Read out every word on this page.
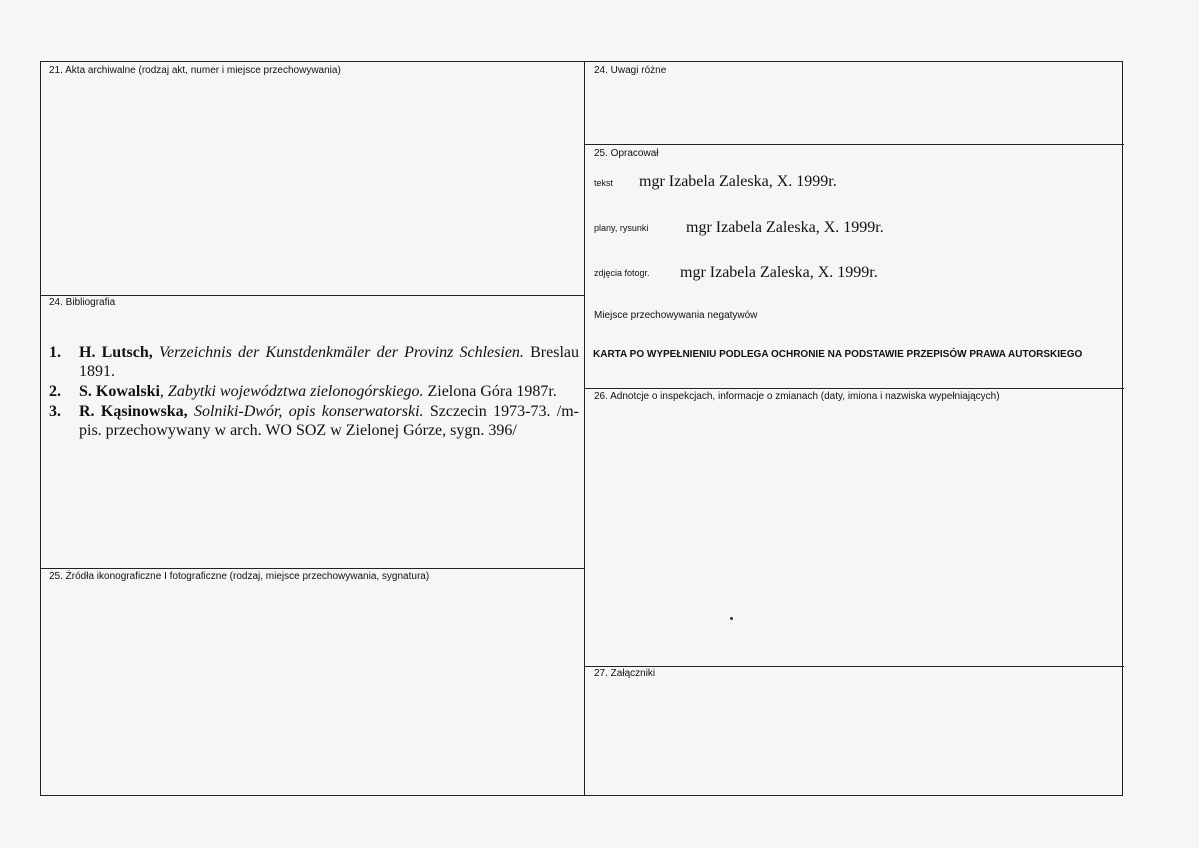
21. Akta archiwalne (rodzaj akt, numer i miejsce przechowywania)	24. Uwagi różne
25. Opracował
tekst mgr Izabela Zaleska, X. 1999r.
plany, rysunki mgr Izabela Zaleska, X. 1999r.
zdjęcia fotogr. mgr Izabela Zaleska, X. 1999r.
Miejsce przechowywania negatywów
KARTA PO WYPEŁNIENIU PODLEGA OCHRONIE NA PODSTAWIE PRZEPISÓW PRAWA AUTORSKIEGO
24. Bibliografia
1. H. Lutsch, Verzeichnis der Kunstdenkmäler der Provinz Schlesien. Breslau 1891.
2. S. Kowalski, Zabytki województwa zielonogórskiego. Zielona Góra 1987r.
3. R. Kąsinowska, Solniki-Dwór, opis konserwatorski. Szczecin 1973-73. /m-pis. przechowywany w arch. WO SOZ w Zielonej Górze, sygn. 396/
26. Adnotcje o inspekcjach, informacje o zmianach (daty, imiona i nazwiska wypełniających)
25. Źródła ikonograficzne I fotograficzne (rodzaj, miejsce przechowywania, sygnatura)
27. Załączniki
